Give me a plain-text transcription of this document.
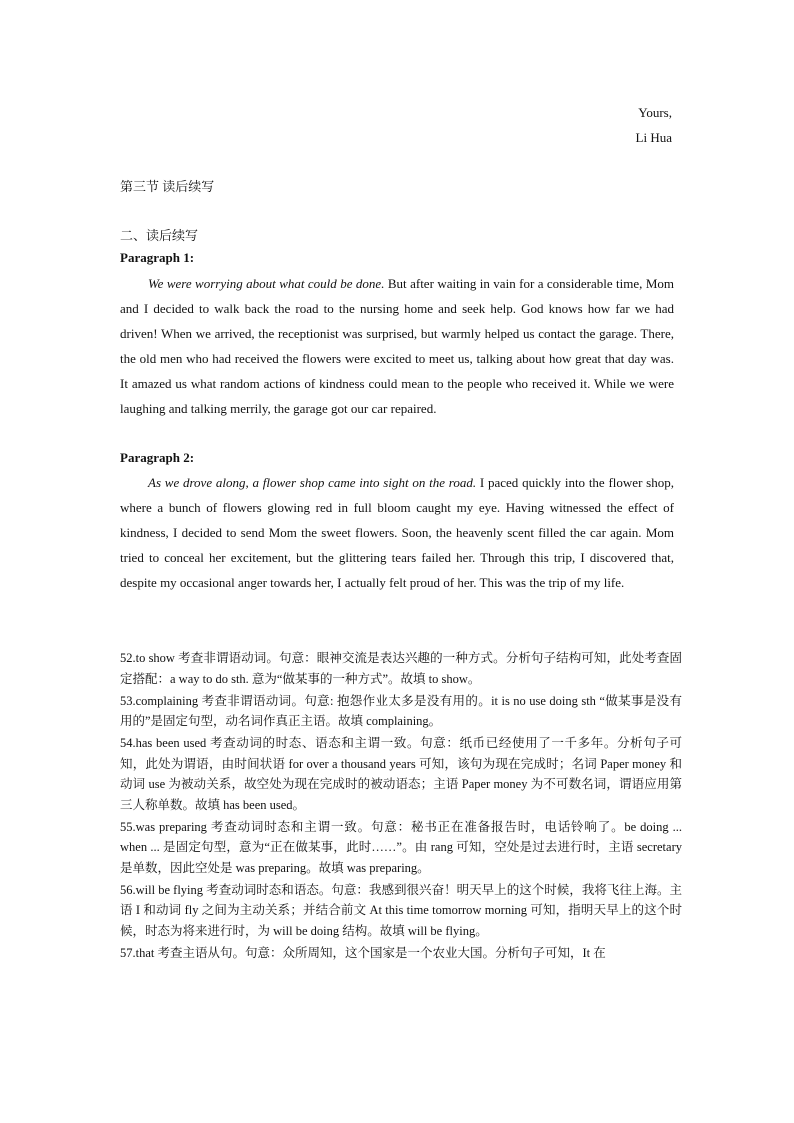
Yours,
Li Hua
第三节 读后续写
二、读后续写
Paragraph 1:

We were worrying about what could be done. But after waiting in vain for a considerable time, Mom and I decided to walk back the road to the nursing home and seek help. God knows how far we had driven! When we arrived, the receptionist was surprised, but warmly helped us contact the garage. There, the old men who had received the flowers were excited to meet us, talking about how great that day was. It amazed us what random actions of kindness could mean to the people who received it. While we were laughing and talking merrily, the garage got our car repaired.

Paragraph 2:

As we drove along, a flower shop came into sight on the road. I paced quickly into the flower shop, where a bunch of flowers glowing red in full bloom caught my eye. Having witnessed the effect of kindness, I decided to send Mom the sweet flowers. Soon, the heavenly scent filled the car again. Mom tried to conceal her excitement, but the glittering tears failed her. Through this trip, I discovered that, despite my occasional anger towards her, I actually felt proud of her. This was the trip of my life.

52.to show 考查非谓语动词。句意：眼神交流是表达兴趣的一种方式。分析句子结构可知，此处考查固定搭配：a way to do sth. 意为“做某事的一种方式”。故填 to show。
53.complaining 考查非谓语动词。句意: 抱怨作业太多是没有用的。it is no use doing sth “做某事是没有用的”是固定句型，动名词作真正主语。故填 complaining。
54.has been used 考查动词的时态、语态和主谓一致。句意：纸币已经使用了一千多年。分析句子可知，此处为谓语，由时间状语 for over a thousand years 可知，该句为现在完成时；名词 Paper money 和动词 use 为被动关系，故空处为现在完成时的被动语态；主语 Paper money 为不可数名词，谓语应用第三人称单数。故填 has been used。
55.was preparing 考查动词时态和主谓一致。句意：秘书正在准备报告时，电话铃响了。be doing ... when ... 是固定句型，意为“正在做某事，此时……”。由 rang 可知，空处是过去进行时，主语 secretary 是单数，因此空处是 was preparing。故填 was preparing。
56.will be flying 考查动词时态和语态。句意：我感到很兴奋！明天早上的这个时候，我将飞往上海。主语 I 和动词 fly 之间为主动关系；并结合前文 At this time tomorrow morning 可知，指明天早上的这个时候，时态为将来进行时，为 will be doing 结构。故填 will be flying。
57.that 考查主语从句。句意：众所周知，这个国家是一个农业大国。分析句子可知，It 在
